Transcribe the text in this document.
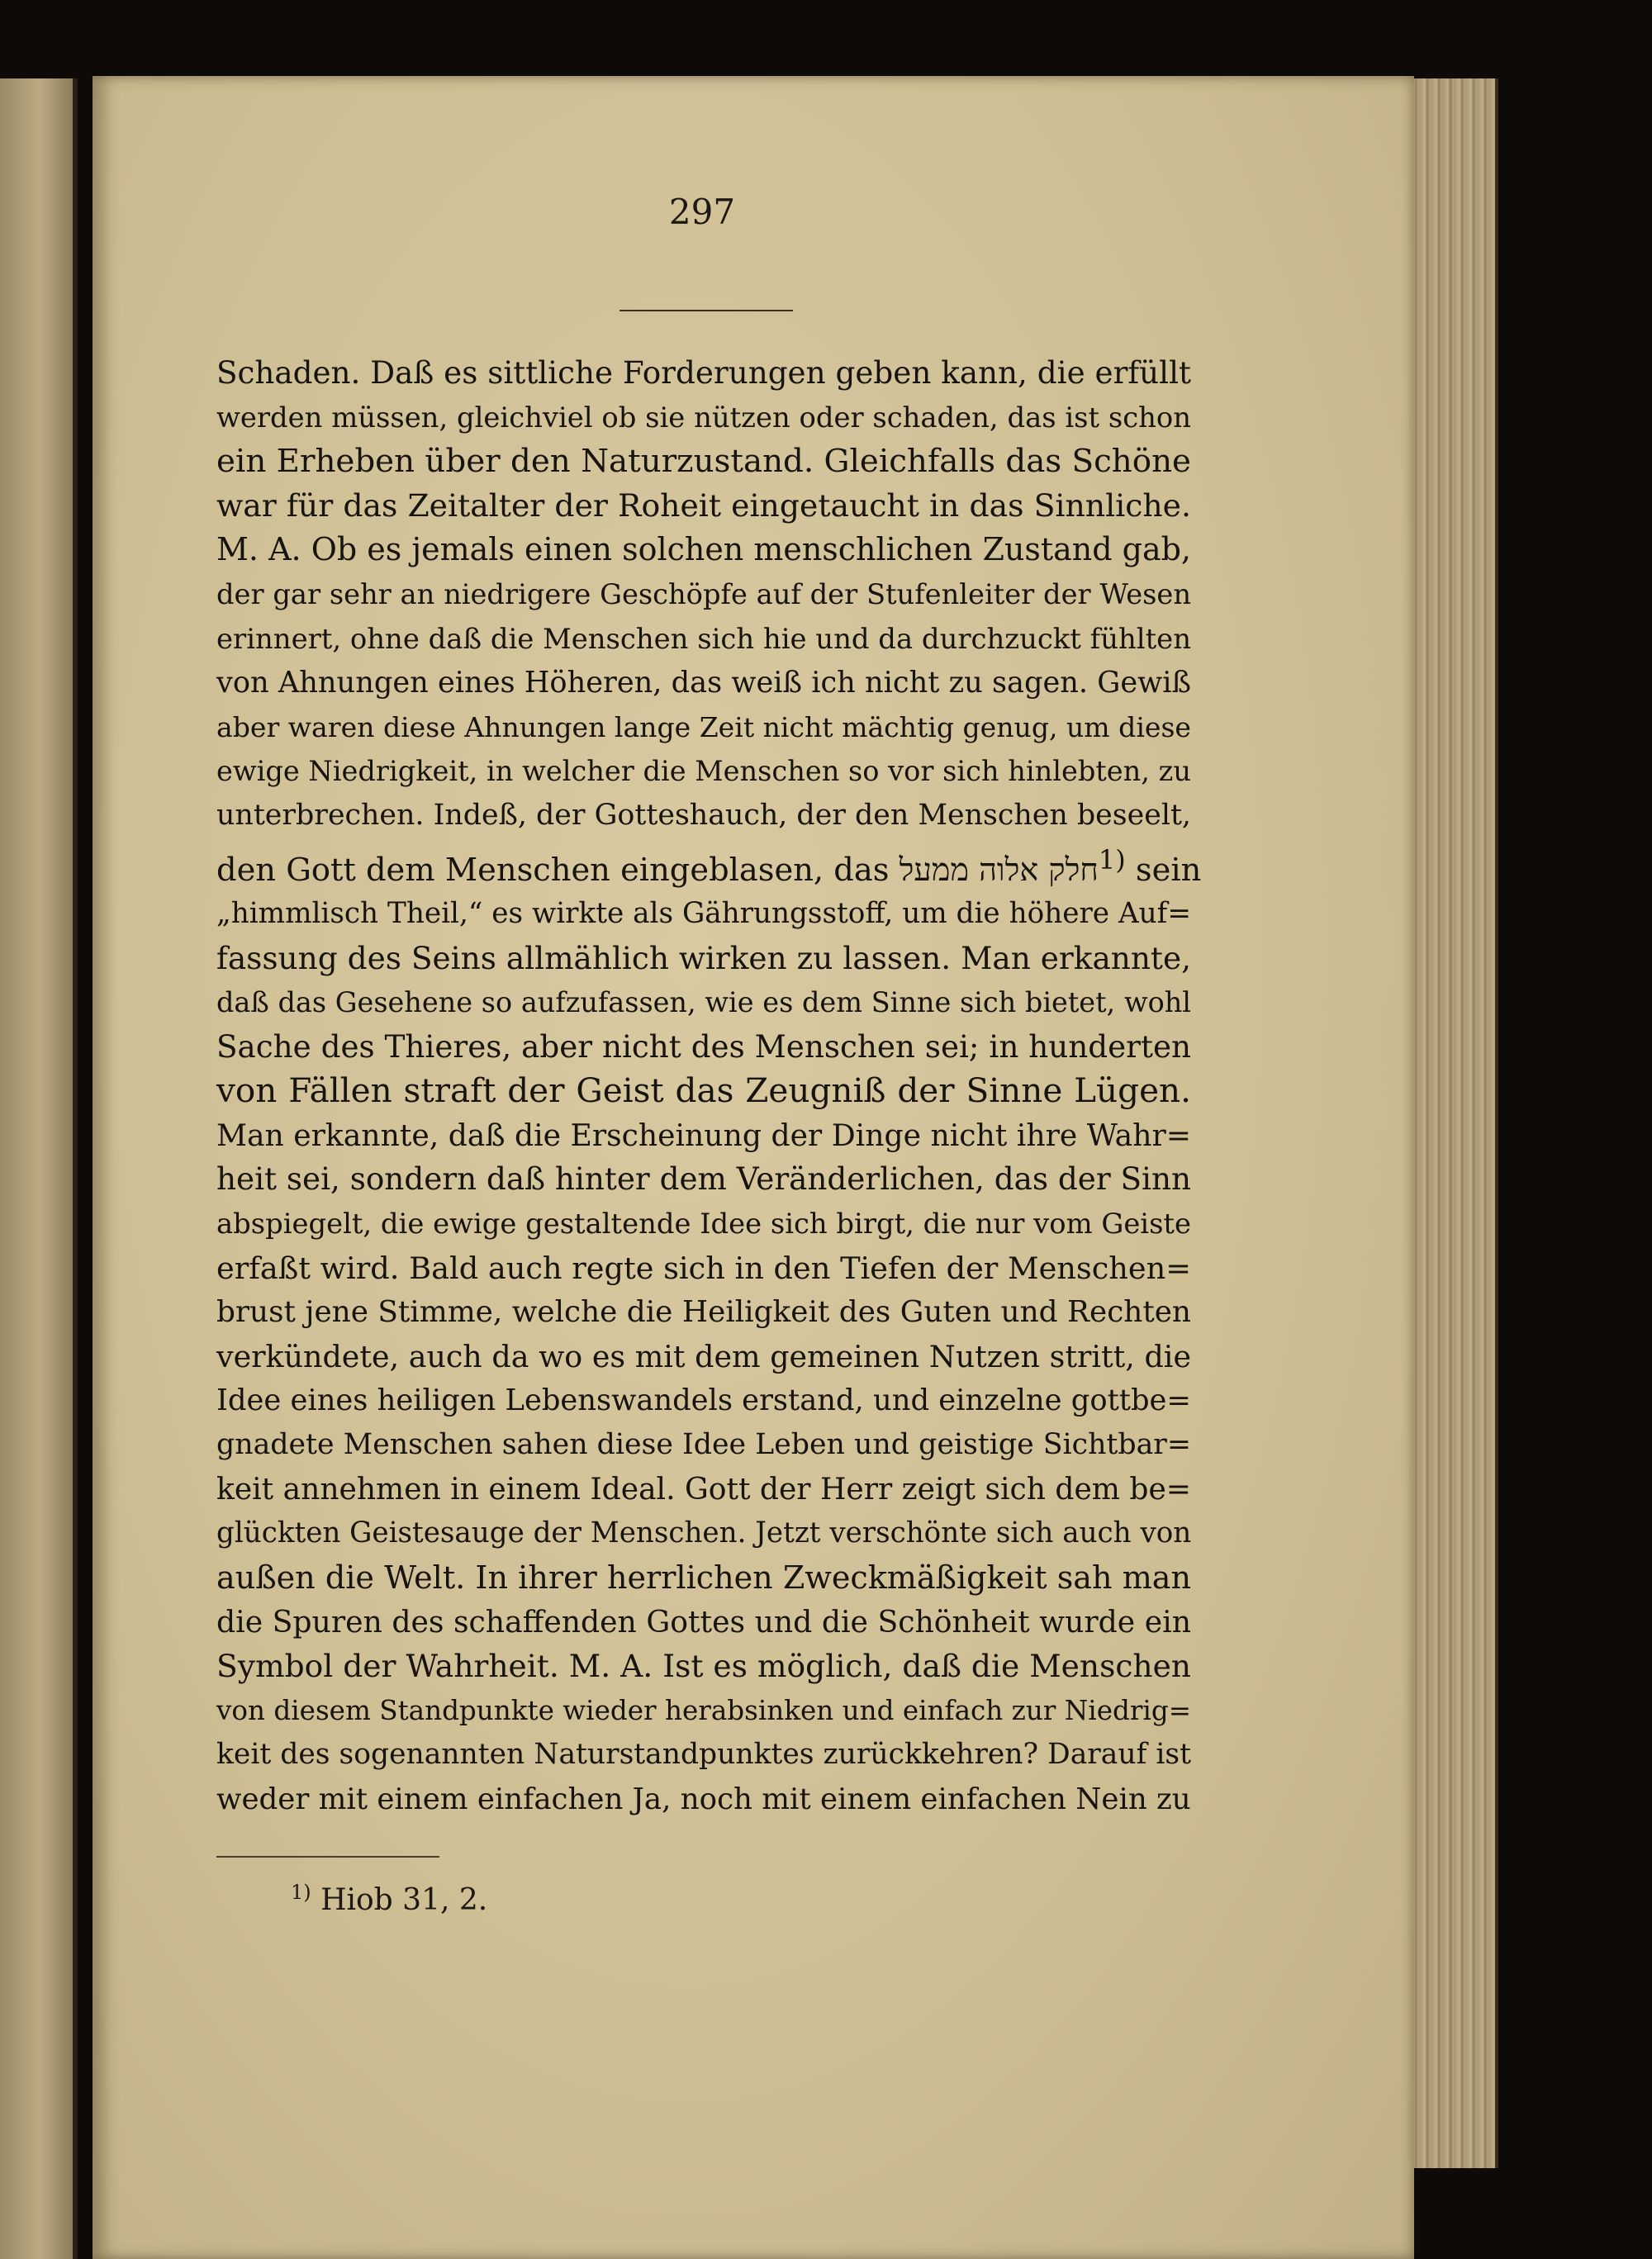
297
Schaden. Daß es sittliche Forderungen geben kann, die erfüllt
werden müssen, gleichviel ob sie nützen oder schaden, das ist schon
ein Erheben über den Naturzustand. Gleichfalls das Schöne
war für das Zeitalter der Roheit eingetaucht in das Sinnliche.
M. A. Ob es jemals einen solchen menschlichen Zustand gab,
der gar sehr an niedrigere Geschöpfe auf der Stufenleiter der Wesen
erinnert, ohne daß die Menschen sich hie und da durchzuckt fühlten
von Ahnungen eines Höheren, das weiß ich nicht zu sagen. Gewiß
aber waren diese Ahnungen lange Zeit nicht mächtig genug, um diese
ewige Niedrigkeit, in welcher die Menschen so vor sich hinlebten, zu
unterbrechen. Indeß, der Gotteshauch, der den Menschen beseelt,
den Gott dem Menschen eingeblasen, das חלק אלוה ממעל$^{1)}$ sein
„himmlisch Theil,“ es wirkte als Gährungsstoff, um die höhere Auf=
fassung des Seins allmählich wirken zu lassen. Man erkannte,
daß das Gesehene so aufzufassen, wie es dem Sinne sich bietet, wohl
Sache des Thieres, aber nicht des Menschen sei; in hunderten
von Fällen straft der Geist das Zeugniß der Sinne Lügen.
Man erkannte, daß die Erscheinung der Dinge nicht ihre Wahr=
heit sei, sondern daß hinter dem Veränderlichen, das der Sinn
abspiegelt, die ewige gestaltende Idee sich birgt, die nur vom Geiste
erfaßt wird. Bald auch regte sich in den Tiefen der Menschen=
brust jene Stimme, welche die Heiligkeit des Guten und Rechten
verkündete, auch da wo es mit dem gemeinen Nutzen stritt, die
Idee eines heiligen Lebenswandels erstand, und einzelne gottbe=
gnadete Menschen sahen diese Idee Leben und geistige Sichtbar=
keit annehmen in einem Ideal. Gott der Herr zeigt sich dem be=
glückten Geistesauge der Menschen. Jetzt verschönte sich auch von
außen die Welt. In ihrer herrlichen Zweckmäßigkeit sah man
die Spuren des schaffenden Gottes und die Schönheit wurde ein
Symbol der Wahrheit. M. A. Ist es möglich, daß die Menschen
von diesem Standpunkte wieder herabsinken und einfach zur Niedrig=
keit des sogenannten Naturstandpunktes zurückkehren? Darauf ist
weder mit einem einfachen Ja, noch mit einem einfachen Nein zu
$^{1)}$ Hiob 31, 2.
